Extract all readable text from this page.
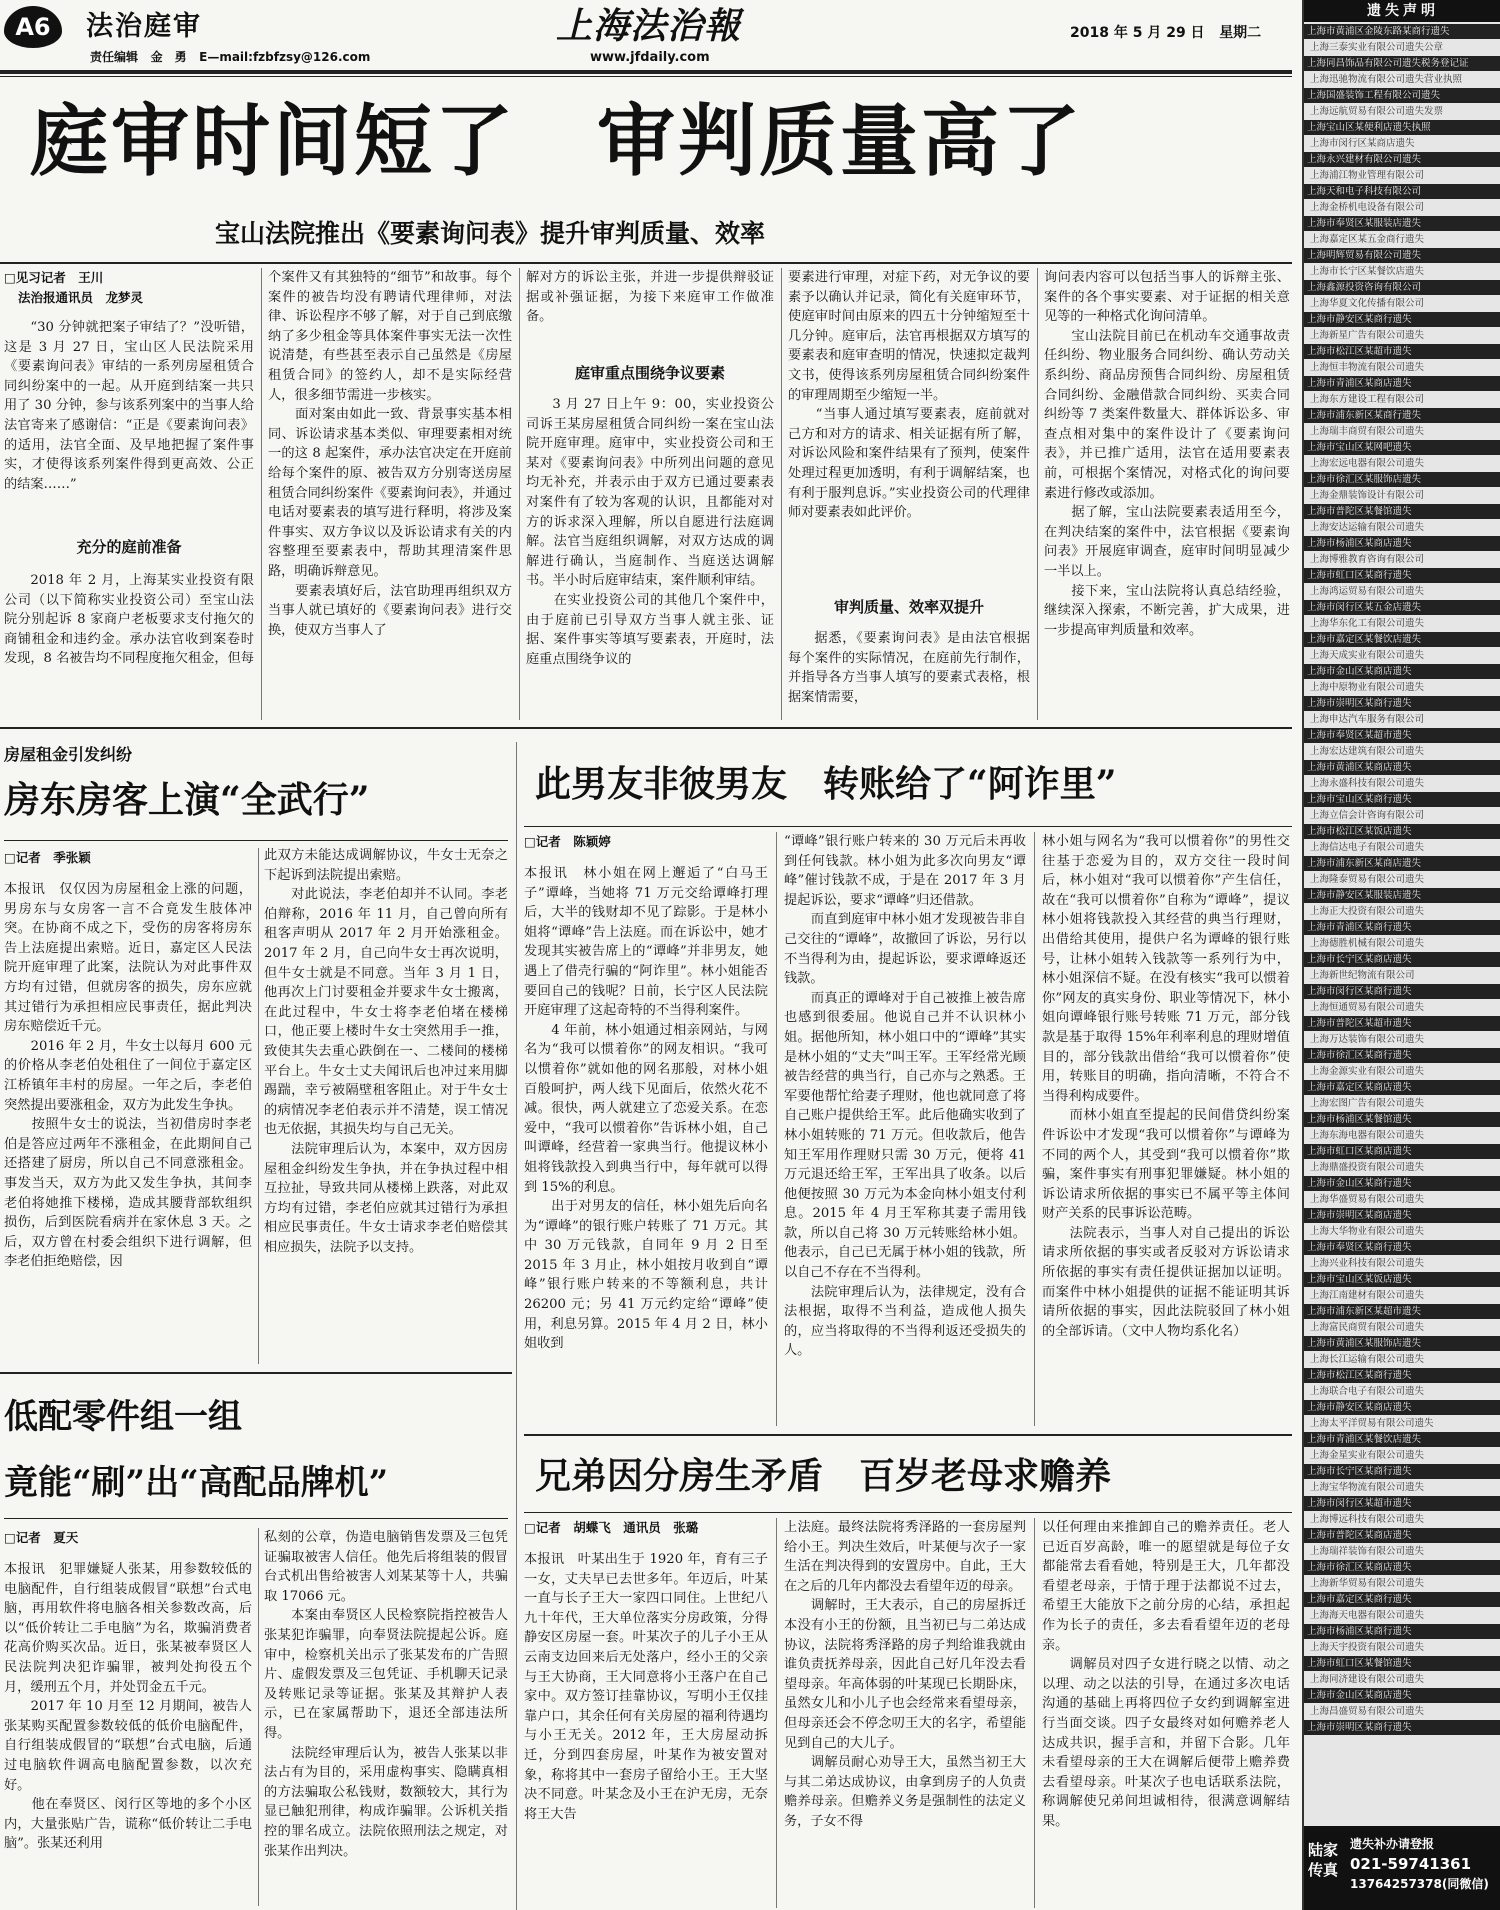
A6	法治庭审
责任编辑 金　勇 E—mail:fzbfzsy@126.com
上海法治報
www.jfdaily.com
2018 年 5 月 29 日 星期二
庭审时间短了　审判质量高了
宝山法院推出《要素询问表》提升审判质量、效率
□见习记者　王川
法治报通讯员　龙梦灵
“30 分钟就把案子审结了？”没听错，这是 3 月 27 日，宝山区人民法院采用《要素询问表》审结的一系列房屋租赁合同纠纷案中的一起。从开庭到结案一共只用了 30 分钟，参与该系列案中的当事人给法官寄来了感谢信：“正是《要素询问表》的适用，法官全面、及早地把握了案件事实，才使得该系列案件得到更高效、公正的结案……”
充分的庭前准备
2018 年 2 月，上海某实业投资有限公司（以下简称实业投资公司）至宝山法院分别起诉 8 家商户老板要求支付拖欠的商铺租金和违约金。承办法官收到案卷时发现，8 名被告均不同程度拖欠租金，但每
个案件又有其独特的“细节”和故事。每个案件的被告均没有聘请代理律师，对法律、诉讼程序不够了解，对于自己到底缴纳了多少租金等具体案件事实无法一次性说清楚，有些甚至表示自己虽然是《房屋租赁合同》的签约人，却不是实际经营人，很多细节需进一步核实。
　　面对案由如此一致、背景事实基本相同、诉讼请求基本类似、审理要素相对统一的这 8 起案件，承办法官决定在开庭前给每个案件的原、被告双方分别寄送房屋租赁合同纠纷案件《要素询问表》，并通过电话对要素表的填写进行释明，将涉及案件事实、双方争议以及诉讼请求有关的内容整理至要素表中，帮助其理清案件思路，明确诉辩意见。
　　要素表填好后，法官助理再组织双方当事人就已填好的《要素询问表》进行交换，使双方当事人了
解对方的诉讼主张，并进一步提供辩驳证据或补强证据，为接下来庭审工作做准备。
庭审重点围绕争议要素
3 月 27 日上午 9：00，实业投资公司诉王某房屋租赁合同纠纷一案在宝山法院开庭审理。庭审中，实业投资公司和王某对《要素询问表》中所列出问题的意见均无补充，并表示由于双方已通过要素表对案件有了较为客观的认识，且都能对对方的诉求深入理解，所以自愿进行法庭调解。法官当庭组织调解，对双方达成的调解进行确认，当庭制作、当庭送达调解书。半小时后庭审结束，案件顺利审结。
　　在实业投资公司的其他几个案件中，由于庭前已引导双方当事人就主张、证据、案件事实等填写要素表，开庭时，法庭重点围绕争议的
要素进行审理，对症下药，对无争议的要素予以确认并记录，简化有关庭审环节，使庭审时间由原来的四五十分钟缩短至十几分钟。庭审后，法官再根据双方填写的要素表和庭审查明的情况，快速拟定裁判文书，使得该系列房屋租赁合同纠纷案件的审理周期至少缩短一半。
　　“当事人通过填写要素表，庭前就对己方和对方的请求、相关证据有所了解，对诉讼风险和案件结果有了预判，使案件处理过程更加透明，有利于调解结案，也有利于服判息诉。”实业投资公司的代理律师对要素表如此评价。
审判质量、效率双提升
据悉，《要素询问表》是由法官根据每个案件的实际情况，在庭前先行制作，并指导各方当事人填写的要素式表格，根据案情需要，
询问表内容可以包括当事人的诉辩主张、案件的各个事实要素、对于证据的相关意见等的一种格式化询问清单。
　　宝山法院目前已在机动车交通事故责任纠纷、物业服务合同纠纷、确认劳动关系纠纷、商品房预售合同纠纷、房屋租赁合同纠纷、金融借款合同纠纷、买卖合同纠纷等 7 类案件数量大、群体诉讼多、审查点相对集中的案件设计了《要素询问表》，并已推广适用，法官在适用要素表前，可根据个案情况，对格式化的询问要素进行修改或添加。
　　据了解，宝山法院要素表适用至今，在判决结案的案件中，法官根据《要素询问表》开展庭审调查，庭审时间明显减少一半以上。
　　接下来，宝山法院将认真总结经验，继续深入探索，不断完善，扩大成果，进一步提高审判质量和效率。
房屋租金引发纠纷
房东房客上演“全武行”
□记者　季张颖
本报讯　仅仅因为房屋租金上涨的问题，男房东与女房客一言不合竟发生肢体冲突。在协商不成之下，受伤的房客将房东告上法庭提出索赔。近日，嘉定区人民法院开庭审理了此案，法院认为对此事件双方均有过错，但就房客的损失，房东应就其过错行为承担相应民事责任，据此判决房东赔偿近千元。
　　2016 年 2 月，牛女士以每月 600 元的价格从李老伯处租住了一间位于嘉定区江桥镇年丰村的房屋。一年之后，李老伯突然提出要涨租金，双方为此发生争执。
　　按照牛女士的说法，当初借房时李老伯是答应过两年不涨租金，在此期间自己还搭建了厨房，所以自己不同意涨租金。事发当天，双方为此又发生争执，其间李老伯将她推下楼梯，造成其腰背部软组织损伤，后到医院看病并在家休息 3 天。之后，双方曾在村委会组织下进行调解，但李老伯拒绝赔偿，因
此双方未能达成调解协议，牛女士无奈之下起诉到法院提出索赔。
　　对此说法，李老伯却并不认同。李老伯辩称，2016 年 11 月，自己曾向所有租客声明从 2017 年 2 月开始涨租金。2017 年 2 月，自己向牛女士再次说明，但牛女士就是不同意。当年 3 月 1 日，他再次上门讨要租金并要求牛女士搬离，在此过程中，牛女士将李老伯堵在楼梯口，他正要上楼时牛女士突然用手一推，致使其失去重心跌倒在一、二楼间的楼梯平台上。牛女士丈夫闻讯后也冲过来用脚踢踹，幸亏被隔壁租客阻止。对于牛女士的病情况李老伯表示并不清楚，误工情况也无依据，其损失均与自己无关。
　　法院审理后认为，本案中，双方因房屋租金纠纷发生争执，并在争执过程中相互拉扯，导致共同从楼梯上跌落，对此双方均有过错，李老伯应就其过错行为承担相应民事责任。牛女士请求李老伯赔偿其相应损失，法院予以支持。
此男友非彼男友　转账给了“阿诈里”
□记者　陈颖婷
本报讯　林小姐在网上邂逅了“白马王子”谭峰，当她将 71 万元交给谭峰打理后，大半的钱财却不见了踪影。于是林小姐将“谭峰”告上法庭。而在诉讼中，她才发现其实被告席上的“谭峰”并非男友，她遇上了借壳行骗的“阿诈里”。林小姐能否要回自己的钱呢？日前，长宁区人民法院开庭审理了这起奇特的不当得利案件。
　　4 年前，林小姐通过相亲网站，与网名为“我可以惯着你”的网友相识。“我可以惯着你”就如他的网名那般，对林小姐百般呵护，两人线下见面后，依然火花不减。很快，两人就建立了恋爱关系。在恋爱中，“我可以惯着你”告诉林小姐，自己叫谭峰，经营着一家典当行。他提议林小姐将钱款投入到典当行中，每年就可以得到 15%的利息。
　　出于对男友的信任，林小姐先后向名为“谭峰”的银行账户转账了 71 万元。其中 30 万元钱款，自同年 9 月 2 日至 2015 年 3 月止，林小姐按月收到自“谭峰”银行账户转来的不等额利息，共计 26200 元；另 41 万元约定给“谭峰”使用，利息另算。2015 年 4 月 2 日，林小姐收到
“谭峰”银行账户转来的 30 万元后未再收到任何钱款。林小姐为此多次向男友“谭峰”催讨钱款不成，于是在 2017 年 3 月提起诉讼，要求“谭峰”归还借款。
　　而直到庭审中林小姐才发现被告非自己交往的“谭峰”，故撤回了诉讼，另行以不当得利为由，提起诉讼，要求谭峰返还钱款。
　　而真正的谭峰对于自己被推上被告席也感到很委屈。他说自己并不认识林小姐。据他所知，林小姐口中的“谭峰”其实是林小姐的“丈夫”叫王军。王军经常光顾被告经营的典当行，自己亦与之熟悉。王军要他帮忙给妻子理财，他也就同意了将自己账户提供给王军。此后他确实收到了林小姐转账的 71 万元。但收款后，他告知王军用作理财只需 30 万元，便将 41 万元退还给王军，王军出具了收条。以后他便按照 30 万元为本金向林小姐支付利息。2015 年 4 月王军称其妻子需用钱款，所以自己将 30 万元转账给林小姐。他表示，自己已无属于林小姐的钱款，所以自己不存在不当得利。
　　法院审理后认为，法律规定，没有合法根据，取得不当利益，造成他人损失的，应当将取得的不当得利返还受损失的人。
林小姐与网名为“我可以惯着你”的男性交往基于恋爱为目的，双方交往一段时间后，林小姐对“我可以惯着你”产生信任，故在“我可以惯着你”自称为“谭峰”，提议林小姐将钱款投入其经营的典当行理财，出借给其使用，提供户名为谭峰的银行账号，让林小姐转入钱款等一系列行为中，林小姐深信不疑。在没有核实“我可以惯着你”网友的真实身份、职业等情况下，林小姐向谭峰银行账号转账 71 万元，部分钱款是基于取得 15%年利率利息的理财增值目的，部分钱款出借给“我可以惯着你”使用，转账目的明确，指向清晰，不符合不当得利构成要件。
　　而林小姐直至提起的民间借贷纠纷案件诉讼中才发现“我可以惯着你”与谭峰为不同的两个人，其受到“我可以惯着你”欺骗，案件事实有刑事犯罪嫌疑。林小姐的诉讼请求所依据的事实已不属平等主体间财产关系的民事诉讼范畴。
　　法院表示，当事人对自己提出的诉讼请求所依据的事实或者反驳对方诉讼请求所依据的事实有责任提供证据加以证明。而案件中林小姐提供的证据不能证明其诉请所依据的事实，因此法院驳回了林小姐的全部诉请。（文中人物均系化名）
低配零件组一组
竟能“刷”出“高配品牌机”
□记者　夏天
本报讯　犯罪嫌疑人张某，用参数较低的电脑配件，自行组装成假冒“联想”台式电脑，再用软件将电脑各相关参数改高，后以“低价转让二手电脑”为名，欺骗消费者花高价购买次品。近日，张某被奉贤区人民法院判决犯诈骗罪，被判处拘役五个月，缓刑五个月，并处罚金五千元。
　　2017 年 10 月至 12 月期间，被告人张某购买配置参数较低的低价电脑配件，自行组装成假冒的“联想”台式电脑，后通过电脑软件调高电脑配置参数，以次充好。
　　他在奉贤区、闵行区等地的多个小区内，大量张贴广告，谎称“低价转让二手电脑”。张某还利用
私刻的公章，伪造电脑销售发票及三包凭证骗取被害人信任。他先后将组装的假冒台式机出售给被害人刘某某等十人，共骗取 17066 元。
　　本案由奉贤区人民检察院指控被告人张某犯诈骗罪，向奉贤法院提起公诉。庭审中，检察机关出示了张某发布的广告照片、虚假发票及三包凭证、手机聊天记录及转账记录等证据。张某及其辩护人表示，已在家属帮助下，退还全部违法所得。
　　法院经审理后认为，被告人张某以非法占有为目的，采用虚构事实、隐瞒真相的方法骗取公私钱财，数额较大，其行为显已触犯刑律，构成诈骗罪。公诉机关指控的罪名成立。法院依照刑法之规定，对张某作出判决。
兄弟因分房生矛盾　百岁老母求赡养
□记者　胡蝶飞　通讯员　张璐
本报讯　叶某出生于 1920 年，育有三子一女，丈夫早已去世多年。年迈后，叶某一直与长子王大一家四口同住。上世纪八九十年代，王大单位落实分房政策，分得静安区房屋一套。叶某次子的儿子小王从云南支边回来后无处落户，经小王的父亲与王大协商，王大同意将小王落户在自己家中。双方签订挂靠协议，写明小王仅挂靠户口，其余任何有关房屋的福利待遇均与小王无关。2012 年，王大房屋动拆迁，分到四套房屋，叶某作为被安置对象，称将其中一套房子留给小王。王大坚决不同意。叶某念及小王在沪无房，无奈将王大告
上法庭。最终法院将秀泽路的一套房屋判给小王。判决生效后，叶某便与次子一家生活在判决得到的安置房中。自此，王大在之后的几年内都没去看望年迈的母亲。
　　调解时，王大表示，自己的房屋拆迁本没有小王的份额，且当初已与二弟达成协议，法院将秀泽路的房子判给谁我就由谁负责抚养母亲，因此自己好几年没去看望母亲。年高体弱的叶某现已长期卧床，虽然女儿和小儿子也会经常来看望母亲，但母亲还会不停念叨王大的名字，希望能见到自己的大儿子。
　　调解员耐心劝导王大，虽然当初王大与其二弟达成协议，由拿到房子的人负责赡养母亲。但赡养义务是强制性的法定义务，子女不得
以任何理由来推卸自己的赡养责任。老人已近百岁高龄，唯一的愿望就是每位子女都能常去看看她，特别是王大，几年都没看望老母亲，于情于理于法都说不过去，希望王大能放下之前分房的心结，承担起作为长子的责任，多去看看望年迈的老母亲。
　　调解员对四子女进行晓之以情、动之以理、动之以法的引导，在通过多次电话沟通的基础上再将四位子女约到调解室进行当面交谈。四子女最终对如何赡养老人达成共识，握手言和，并留下合影。几年未看望母亲的王大在调解后便带上赡养费去看望母亲。叶某次子也电话联系法院，称调解使兄弟间坦诚相待，很满意调解结果。
遗失声明
上海市黄浦区金陵东路某商行遗失
上海三泰实业有限公司遗失公章
上海同昌饰品有限公司遗失税务登记证
上海迅驰物流有限公司遗失营业执照
上海国盛装饰工程有限公司遗失
上海远航贸易有限公司遗失发票
上海宝山区某便利店遗失执照
上海市闵行区某商店遗失
上海永兴建材有限公司遗失
上海浦江物业管理有限公司
上海天和电子科技有限公司
上海金桥机电设备有限公司
上海市奉贤区某服装店遗失
上海嘉定区某五金商行遗失
上海明辉贸易有限公司遗失
上海市长宁区某餐饮店遗失
上海鑫源投资咨询有限公司
上海华夏文化传播有限公司
上海市静安区某商行遗失
上海新星广告有限公司遗失
上海市松江区某超市遗失
上海恒丰物流有限公司遗失
上海市青浦区某商店遗失
上海东方建设工程有限公司
上海市浦东新区某商行遗失
上海瑞丰商贸有限公司遗失
上海市宝山区某网吧遗失
上海宏远电器有限公司遗失
上海市徐汇区某服饰店遗失
上海金鼎装饰设计有限公司
上海市普陀区某餐馆遗失
上海安达运输有限公司遗失
上海市杨浦区某商店遗失
上海博雅教育咨询有限公司
上海市虹口区某商行遗失
上海鸿运贸易有限公司遗失
上海市闵行区某五金店遗失
上海华东化工有限公司遗失
上海市嘉定区某餐饮店遗失
上海天成实业有限公司遗失
上海市金山区某商店遗失
上海中原物业有限公司遗失
上海市崇明区某商行遗失
上海申达汽车服务有限公司
上海市奉贤区某超市遗失
上海宏达建筑有限公司遗失
上海市黄浦区某商店遗失
上海永盛科技有限公司遗失
上海市宝山区某商行遗失
上海立信会计咨询有限公司
上海市松江区某饭店遗失
上海信达电子有限公司遗失
上海市浦东新区某商店遗失
上海隆泰贸易有限公司遗失
上海市静安区某服装店遗失
上海正大投资有限公司遗失
上海市青浦区某商行遗失
上海德胜机械有限公司遗失
上海市长宁区某商店遗失
上海新世纪物流有限公司
上海市闵行区某商行遗失
上海恒通贸易有限公司遗失
上海市普陀区某超市遗失
上海万达装饰有限公司遗失
上海市徐汇区某商行遗失
上海金源实业有限公司遗失
上海市嘉定区某商店遗失
上海宏图广告有限公司遗失
上海市杨浦区某餐馆遗失
上海东海电器有限公司遗失
上海市虹口区某商店遗失
上海鼎盛投资有限公司遗失
上海市金山区某商行遗失
上海华盛贸易有限公司遗失
上海市崇明区某商店遗失
上海大华物业有限公司遗失
上海市奉贤区某商行遗失
上海兴业科技有限公司遗失
上海市宝山区某饭店遗失
上海江南建材有限公司遗失
上海市浦东新区某超市遗失
上海富民商贸有限公司遗失
上海市黄浦区某服饰店遗失
上海长江运输有限公司遗失
上海市松江区某商行遗失
上海联合电子有限公司遗失
上海市静安区某商店遗失
上海太平洋贸易有限公司遗失
上海市青浦区某餐饮店遗失
上海金星实业有限公司遗失
上海市长宁区某商行遗失
上海宝华物流有限公司遗失
上海市闵行区某超市遗失
上海博远科技有限公司遗失
上海市普陀区某商店遗失
上海瑞祥装饰有限公司遗失
上海市徐汇区某商店遗失
上海新华贸易有限公司遗失
上海市嘉定区某商行遗失
上海海天电器有限公司遗失
上海市杨浦区某商行遗失
上海天宇投资有限公司遗失
上海市虹口区某餐馆遗失
上海同济建设有限公司遗失
上海市金山区某商店遗失
上海昌盛贸易有限公司遗失
上海市崇明区某商行遗失
陆家
传真
遗失补办请登报
021-59741361
13764257378(同微信)
